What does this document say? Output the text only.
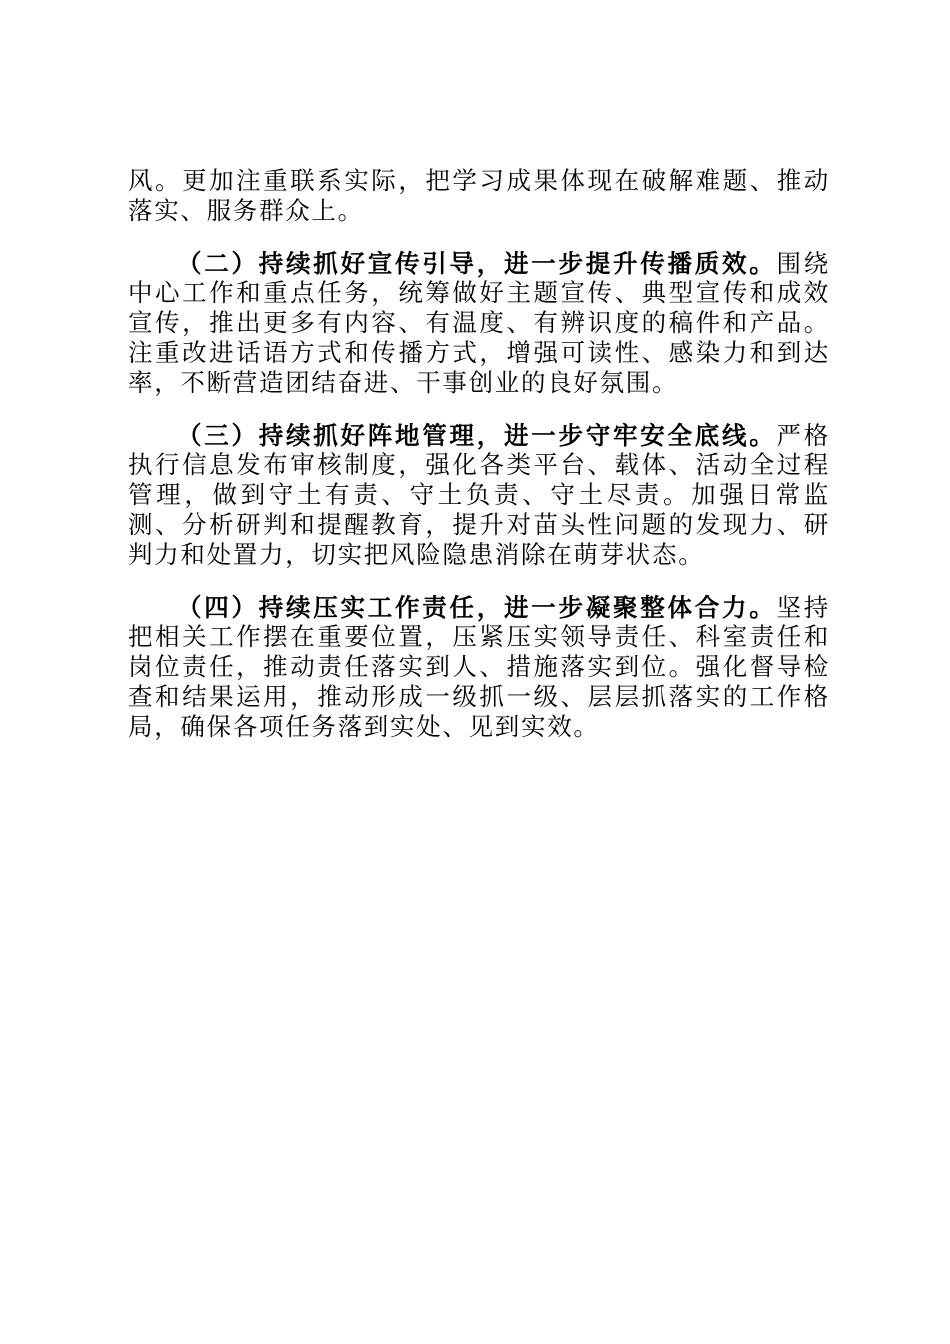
风。更加注重联系实际，把学习成果体现在破解难题、推动落实、服务群众上。

（二）持续抓好宣传引导，进一步提升传播质效。围绕中心工作和重点任务，统筹做好主题宣传、典型宣传和成效宣传，推出更多有内容、有温度、有辨识度的稿件和产品。注重改进话语方式和传播方式，增强可读性、感染力和到达率，不断营造团结奋进、干事创业的良好氛围。

（三）持续抓好阵地管理，进一步守牢安全底线。严格执行信息发布审核制度，强化各类平台、载体、活动全过程管理，做到守土有责、守土负责、守土尽责。加强日常监测、分析研判和提醒教育，提升对苗头性问题的发现力、研判力和处置力，切实把风险隐患消除在萌芽状态。

（四）持续压实工作责任，进一步凝聚整体合力。坚持把相关工作摆在重要位置，压紧压实领导责任、科室责任和岗位责任，推动责任落实到人、措施落实到位。强化督导检查和结果运用，推动形成一级抓一级、层层抓落实的工作格局，确保各项任务落到实处、见到实效。
